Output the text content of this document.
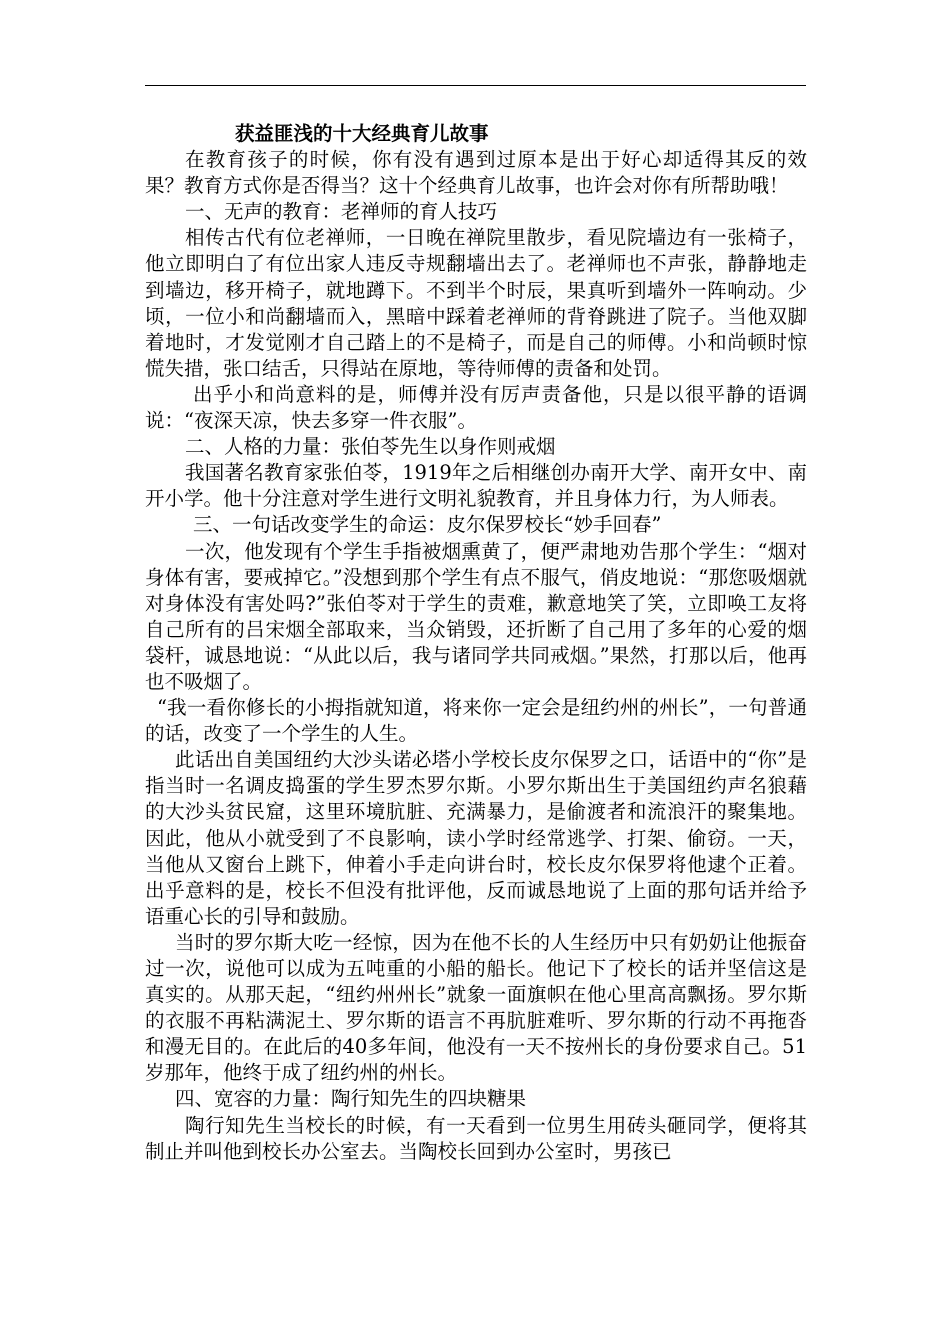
获益匪浅的十大经典育儿故事

在教育孩子的时候，你有没有遇到过原本是出于好心却适得其反的效果？教育方式你是否得当？这十个经典育儿故事，也许会对你有所帮助哦！

一、无声的教育：老禅师的育人技巧

相传古代有位老禅师，一日晚在禅院里散步，看见院墙边有一张椅子，他立即明白了有位出家人违反寺规翻墙出去了。老禅师也不声张，静静地走到墙边，移开椅子，就地蹲下。不到半个时辰，果真听到墙外一阵响动。少顷，一位小和尚翻墙而入，黑暗中踩着老禅师的背脊跳进了院子。当他双脚着地时，才发觉刚才自己踏上的不是椅子，而是自己的师傅。小和尚顿时惊慌失措，张口结舌，只得站在原地，等待师傅的责备和处罚。

出乎小和尚意料的是，师傅并没有厉声责备他，只是以很平静的语调说：“夜深天凉，快去多穿一件衣服”。

二、人格的力量：张伯苓先生以身作则戒烟

我国著名教育家张伯苓，1919年之后相继创办南开大学、南开女中、南开小学。他十分注意对学生进行文明礼貌教育，并且身体力行，为人师表。

三、一句话改变学生的命运：皮尔保罗校长“妙手回春”

一次，他发现有个学生手指被烟熏黄了，便严肃地劝告那个学生：“烟对身体有害，要戒掉它。”没想到那个学生有点不服气，俏皮地说：“那您吸烟就对身体没有害处吗?”张伯苓对于学生的责难，歉意地笑了笑，立即唤工友将自己所有的吕宋烟全部取来，当众销毁，还折断了自己用了多年的心爱的烟袋杆，诚恳地说：“从此以后，我与诸同学共同戒烟。”果然，打那以后，他再也不吸烟了。

“我一看你修长的小拇指就知道，将来你一定会是纽约州的州长”，一句普通的话，改变了一个学生的人生。

此话出自美国纽约大沙头诺必塔小学校长皮尔保罗之口，话语中的“你”是指当时一名调皮捣蛋的学生罗杰罗尔斯。小罗尔斯出生于美国纽约声名狼藉的大沙头贫民窟，这里环境肮脏、充满暴力，是偷渡者和流浪汗的聚集地。因此，他从小就受到了不良影响，读小学时经常逃学、打架、偷窃。一天，当他从又窗台上跳下，伸着小手走向讲台时，校长皮尔保罗将他逮个正着。出乎意料的是，校长不但没有批评他，反而诚恳地说了上面的那句话并给予语重心长的引导和鼓励。

当时的罗尔斯大吃一经惊，因为在他不长的人生经历中只有奶奶让他振奋过一次，说他可以成为五吨重的小船的船长。他记下了校长的话并坚信这是真实的。从那天起，“纽约州州长”就象一面旗帜在他心里高高飘扬。罗尔斯的衣服不再粘满泥土、罗尔斯的语言不再肮脏难听、罗尔斯的行动不再拖沓和漫无目的。在此后的40多年间，他没有一天不按州长的身份要求自己。51岁那年，他终于成了纽约州的州长。

四、宽容的力量：陶行知先生的四块糖果

陶行知先生当校长的时候，有一天看到一位男生用砖头砸同学，便将其制止并叫他到校长办公室去。当陶校长回到办公室时，男孩已
